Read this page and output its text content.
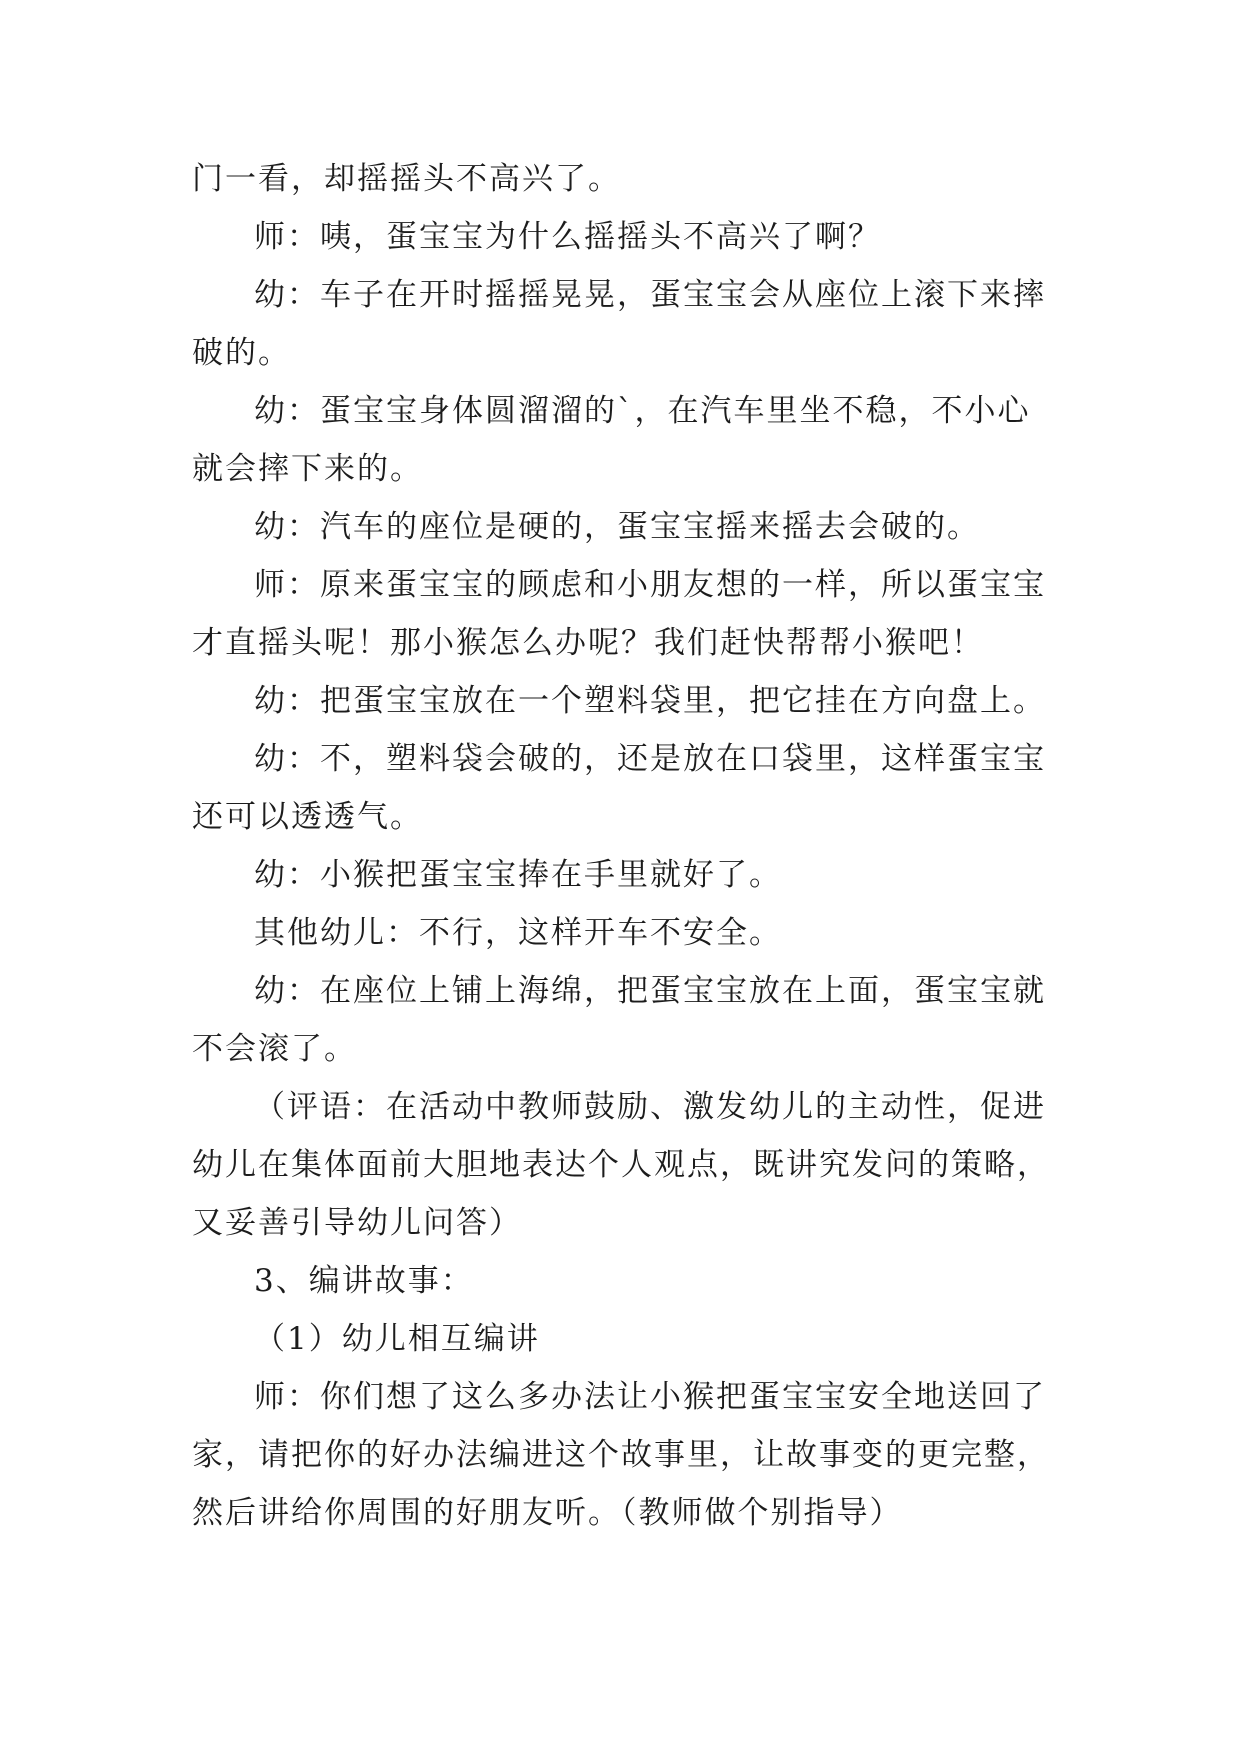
门一看，却摇摇头不高兴了。

师：咦，蛋宝宝为什么摇摇头不高兴了啊？

幼：车子在开时摇摇晃晃，蛋宝宝会从座位上滚下来摔破的。

幼：蛋宝宝身体圆溜溜的`，在汽车里坐不稳，不小心就会摔下来的。

幼：汽车的座位是硬的，蛋宝宝摇来摇去会破的。

师：原来蛋宝宝的顾虑和小朋友想的一样，所以蛋宝宝才直摇头呢！那小猴怎么办呢？我们赶快帮帮小猴吧！

幼：把蛋宝宝放在一个塑料袋里，把它挂在方向盘上。

幼：不，塑料袋会破的，还是放在口袋里，这样蛋宝宝还可以透透气。

幼：小猴把蛋宝宝捧在手里就好了。

其他幼儿：不行，这样开车不安全。

幼：在座位上铺上海绵，把蛋宝宝放在上面，蛋宝宝就不会滚了。

（评语：在活动中教师鼓励、激发幼儿的主动性，促进幼儿在集体面前大胆地表达个人观点，既讲究发问的策略，又妥善引导幼儿问答）

3、编讲故事：

（1）幼儿相互编讲

师：你们想了这么多办法让小猴把蛋宝宝安全地送回了家，请把你的好办法编进这个故事里，让故事变的更完整，然后讲给你周围的好朋友听。（教师做个别指导）
